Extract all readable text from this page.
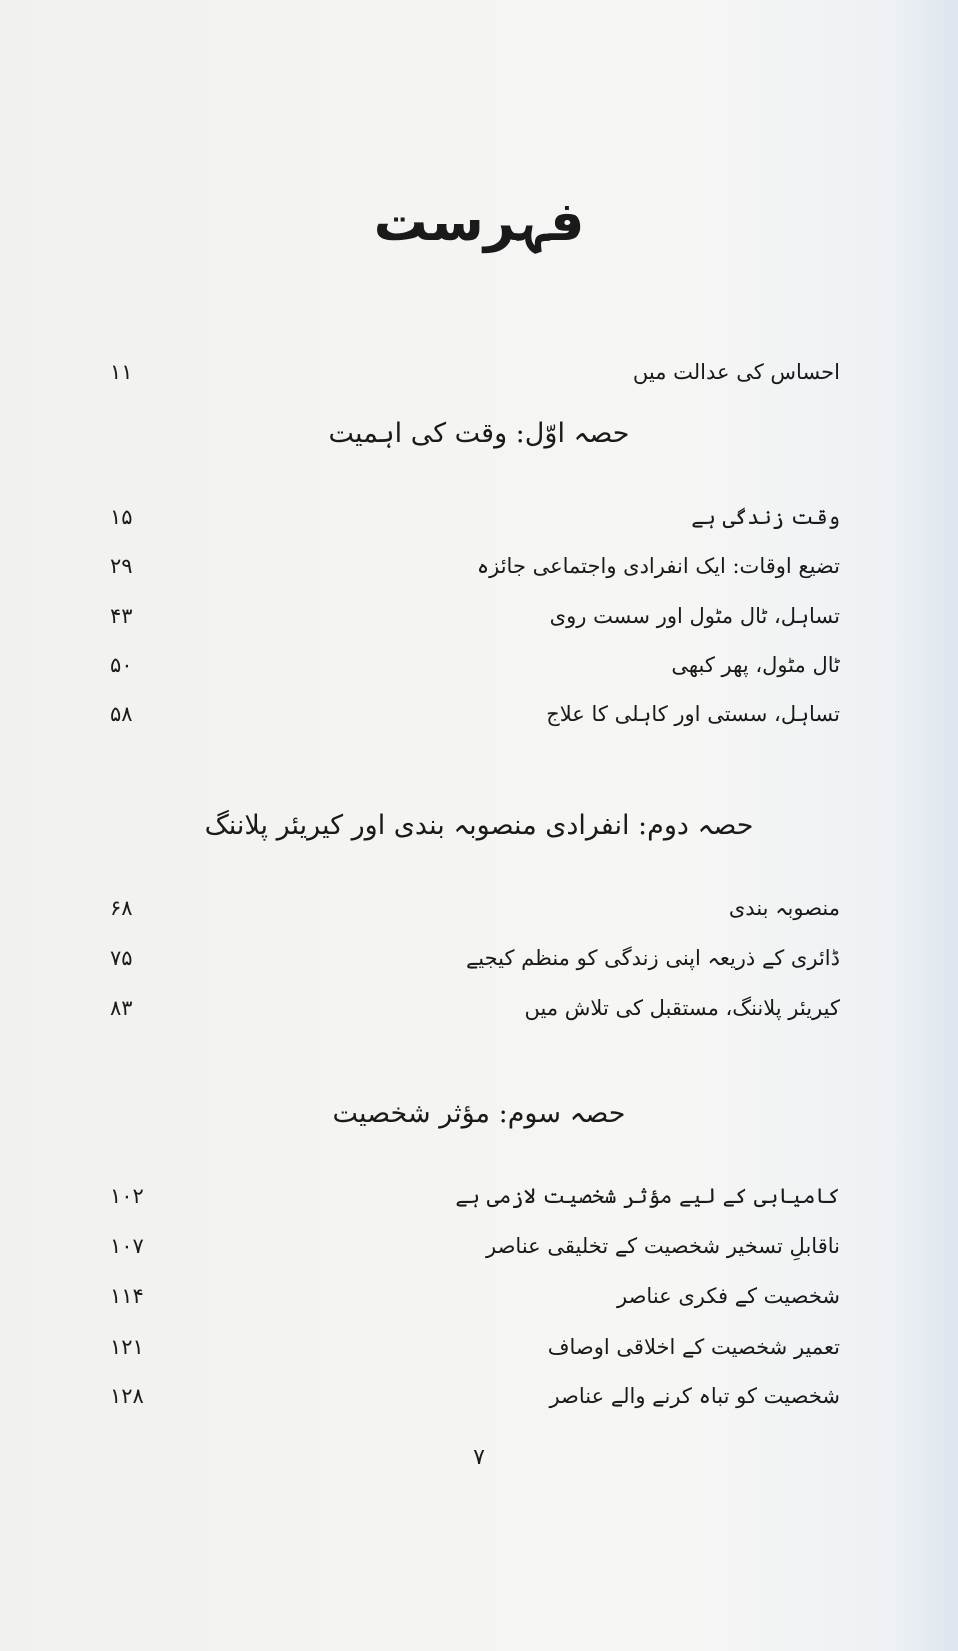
فہرست
احساس کی عدالت میں
۱۱
حصہ اوّل: وقت کی اہمیت
وقت زندگی ہے
۱۵
تضیع اوقات: ایک انفرادی واجتماعی جائزہ
۲۹
تساہل، ٹال مٹول اور سست روی
۴۳
ٹال مٹول، پھر کبھی
۵۰
تساہل، سستی اور کاہلی کا علاج
۵۸
حصہ دوم: انفرادی منصوبہ بندی اور کیریئر پلاننگ
منصوبہ بندی
۶۸
ڈائری کے ذریعہ اپنی زندگی کو منظم کیجیے
۷۵
کیریئر پلاننگ، مستقبل کی تلاش میں
۸۳
حصہ سوم: مؤثر شخصیت
کامیابی کے لیے مؤثر شخصیت لازمی ہے
۱۰۲
ناقابلِ تسخیر شخصیت کے تخلیقی عناصر
۱۰۷
شخصیت کے فکری عناصر
۱۱۴
تعمیر شخصیت کے اخلاقی اوصاف
۱۲۱
شخصیت کو تباہ کرنے والے عناصر
۱۲۸
۷
